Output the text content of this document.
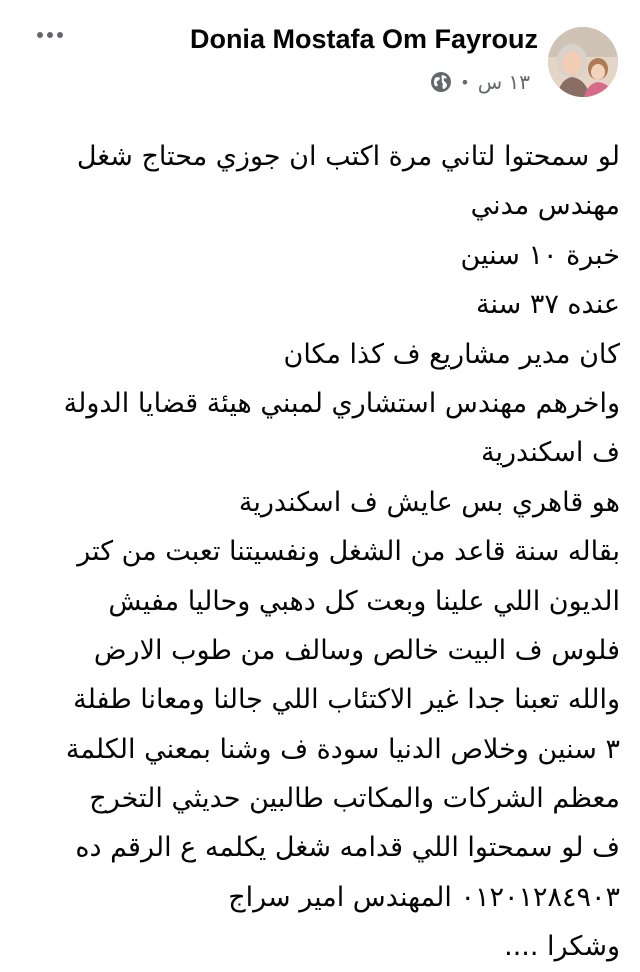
Donia Mostafa Om Fayrouz
• ١٣ س
لو سمحتوا لتاني مرة اكتب ان جوزي محتاج شغل
مهندس مدني
خبرة ١٠ سنين
عنده ٣٧ سنة
كان مدير مشاريع ف كذا مكان
واخرهم مهندس استشاري لمبني هيئة قضايا الدولة
ف اسكندرية
هو قاهري بس عايش ف اسكندرية
بقاله سنة قاعد من الشغل ونفسيتنا تعبت من كتر
الديون اللي علينا وبعت كل دهبي وحاليا مفيش
فلوس ف البيت خالص وسالف من طوب الارض
والله تعبنا جدا غير الاكتئاب اللي جالنا ومعانا طفلة
٣ سنين وخلاص الدنيا سودة ف وشنا بمعني الكلمة
معظم الشركات والمكاتب طالبين حديثي التخرج
ف لو سمحتوا اللي قدامه شغل يكلمه ع الرقم ده
٠١٢٠١٢٨٤٩٠٣ المهندس امير سراج
وشكرا ....
